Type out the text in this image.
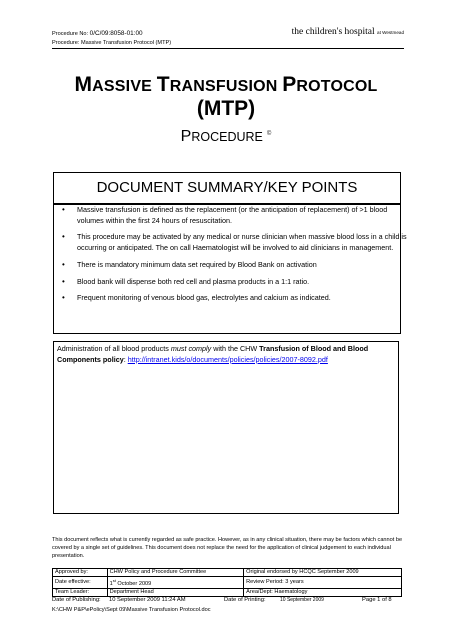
Procedure No: 0/C/09:8058-01:00
Procedure: Massive Transfusion Protocol (MTP)
the children's hospital at Westmead
MASSIVE TRANSFUSION PROTOCOL
(MTP)
PROCEDURE ©
DOCUMENT SUMMARY/KEY POINTS
• Massive transfusion is defined as the replacement (or the anticipation of replacement) of >1 blood volumes within the first 24 hours of resuscitation.
• This procedure may be activated by any medical or nurse clinician when massive blood loss in a child is occurring or anticipated. The on call Haematologist will be involved to aid clinicians in management.
• There is mandatory minimum data set required by Blood Bank on activation
• Blood bank will dispense both red cell and plasma products in a 1:1 ratio.
• Frequent monitoring of venous blood gas, electrolytes and calcium as indicated.
Administration of all blood products must comply with the CHW Transfusion of Blood and Blood Components policy: http://intranet.kids/o/documents/policies/policies/2007-8092.pdf
This document reflects what is currently regarded as safe practice. However, as in any clinical situation, there may be factors which cannot be covered by a single set of guidelines. This document does not replace the need for the application of clinical judgement to each individual presentation.
Approved by:	CHW Policy and Procedure Committee	Original endorsed by HCQC September 2009
Date effective:	1st October 2009	Review Period: 3 years
Team Leader:	Department Head	Area/Dept: Haematology
Date of Publishing: 10 September 2009 11:24 AM	Date of Printing:	10 September 2009	Page 1 of 8
K:\CHW P&P\ePolicy\Sept 09\Massive Transfusion Protocol.doc
